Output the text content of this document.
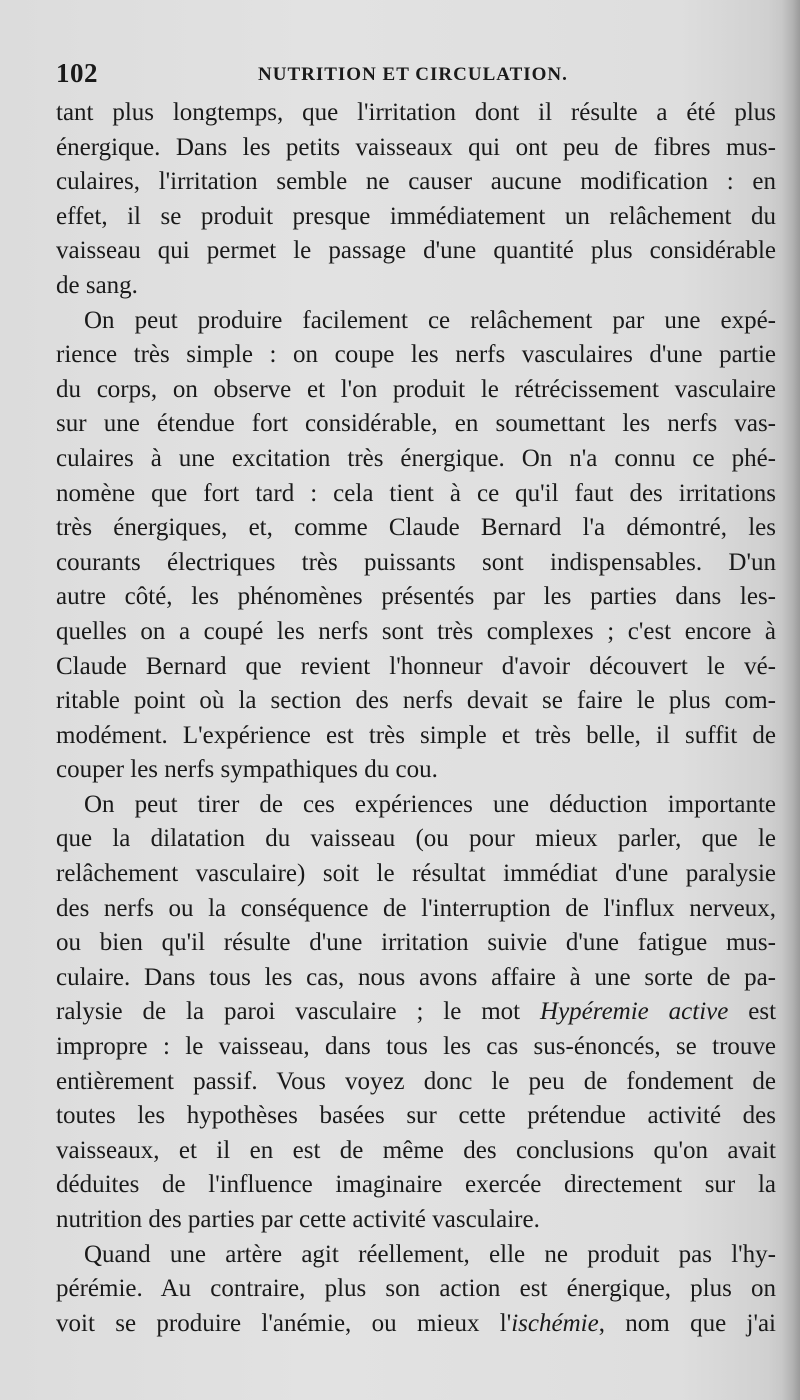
102	NUTRITION ET CIRCULATION.
tant plus longtemps, que l'irritation dont il résulte a été plus
énergique. Dans les petits vaisseaux qui ont peu de fibres mus-
culaires, l'irritation semble ne causer aucune modification : en
effet, il se produit presque immédiatement un relâchement du
vaisseau qui permet le passage d'une quantité plus considérable
de sang.
On peut produire facilement ce relâchement par une expé-
rience très simple : on coupe les nerfs vasculaires d'une partie
du corps, on observe et l'on produit le rétrécissement vasculaire
sur une étendue fort considérable, en soumettant les nerfs vas-
culaires à une excitation très énergique. On n'a connu ce phé-
nomène que fort tard : cela tient à ce qu'il faut des irritations
très énergiques, et, comme Claude Bernard l'a démontré, les
courants électriques très puissants sont indispensables. D'un
autre côté, les phénomènes présentés par les parties dans les-
quelles on a coupé les nerfs sont très complexes ; c'est encore à
Claude Bernard que revient l'honneur d'avoir découvert le vé-
ritable point où la section des nerfs devait se faire le plus com-
modément. L'expérience est très simple et très belle, il suffit de
couper les nerfs sympathiques du cou.
On peut tirer de ces expériences une déduction importante
que la dilatation du vaisseau (ou pour mieux parler, que le
relâchement vasculaire) soit le résultat immédiat d'une paralysie
des nerfs ou la conséquence de l'interruption de l'influx nerveux,
ou bien qu'il résulte d'une irritation suivie d'une fatigue mus-
culaire. Dans tous les cas, nous avons affaire à une sorte de pa-
ralysie de la paroi vasculaire ; le mot Hypéremie active est
impropre : le vaisseau, dans tous les cas sus-énoncés, se trouve
entièrement passif. Vous voyez donc le peu de fondement de
toutes les hypothèses basées sur cette prétendue activité des
vaisseaux, et il en est de même des conclusions qu'on avait
déduites de l'influence imaginaire exercée directement sur la
nutrition des parties par cette activité vasculaire.
Quand une artère agit réellement, elle ne produit pas l'hy-
pérémie. Au contraire, plus son action est énergique, plus on
voit se produire l'anémie, ou mieux l'ischémie, nom que j'ai
